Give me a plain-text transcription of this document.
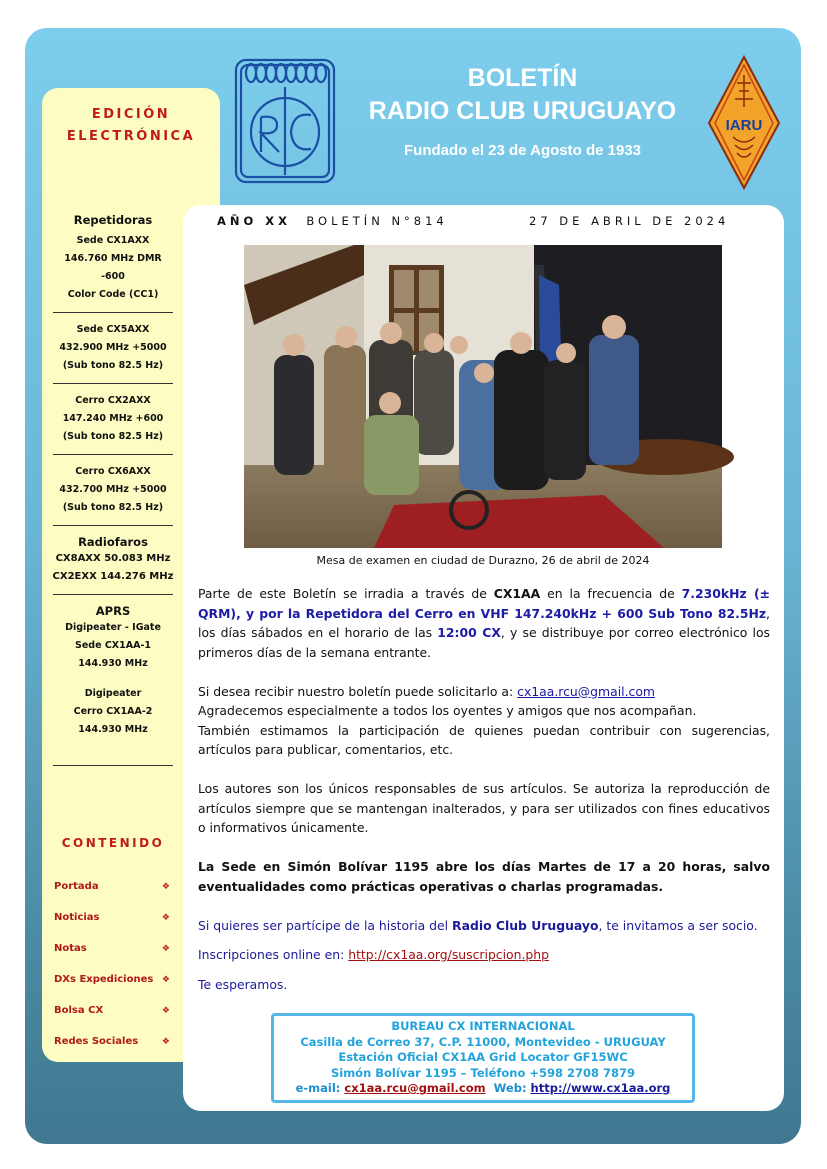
BOLETÍN
RADIO CLUB URUGUAYO
Fundado el 23 de Agosto de 1933
IARU
EDICIÓN
ELECTRÓNICA
Repetidoras
Sede CX1AXX
146.760 MHz DMR
-600
Color Code (CC1)
Sede CX5AXX
432.900 MHz +5000
(Sub tono 82.5 Hz)
Cerro CX2AXX
147.240 MHz +600
(Sub tono 82.5 Hz)
Cerro CX6AXX
432.700 MHz +5000
(Sub tono 82.5 Hz)
Radiofaros
CX8AXX 50.083 MHz
CX2EXX 144.276 MHz
APRS
Digipeater - IGate
Sede CX1AA-1
144.930 MHz
Digipeater
Cerro CX1AA-2
144.930 MHz
CONTENIDO
Portada	❖
Noticias	❖
Notas	❖
DXs Expediciones ❖
Bolsa CX	❖
Redes Sociales	❖
AÑO XX BOLETÍN N°814	27 DE ABRIL DE 2024
Mesa de examen en ciudad de Durazno, 26 de abril de 2024

Parte de este Boletín se irradia a través de CX1AA en la frecuencia de 7.230kHz (± QRM), y por la Repetidora del Cerro en VHF 147.240kHz + 600 Sub Tono 82.5Hz, los días sábados en el horario de las 12:00 CX, y se distribuye por correo electrónico los primeros días de la semana entrante.

Si desea recibir nuestro boletín puede solicitarlo a: cx1aa.rcu@gmail.com
Agradecemos especialmente a todos los oyentes y amigos que nos acompañan.

También estimamos la participación de quienes puedan contribuir con sugerencias, artículos para publicar, comentarios, etc.

Los autores son los únicos responsables de sus artículos. Se autoriza la reproducción de artículos siempre que se mantengan inalterados, y para ser utilizados con fines educativos o informativos únicamente.

La Sede en Simón Bolívar 1195 abre los días Martes de 17 a 20 horas, salvo eventualidades como prácticas operativas o charlas programadas.

Si quieres ser partícipe de la historia del Radio Club Uruguayo, te invitamos a ser socio.

Inscripciones online en: http://cx1aa.org/suscripcion.php

Te esperamos.

BUREAU CX INTERNACIONAL
Casilla de Correo 37, C.P. 11000, Montevideo - URUGUAY
Estación Oficial CX1AA Grid Locator GF15WC
Simón Bolívar 1195 – Teléfono +598 2708 7879
e-mail: cx1aa.rcu@gmail.com  Web: http://www.cx1aa.org
